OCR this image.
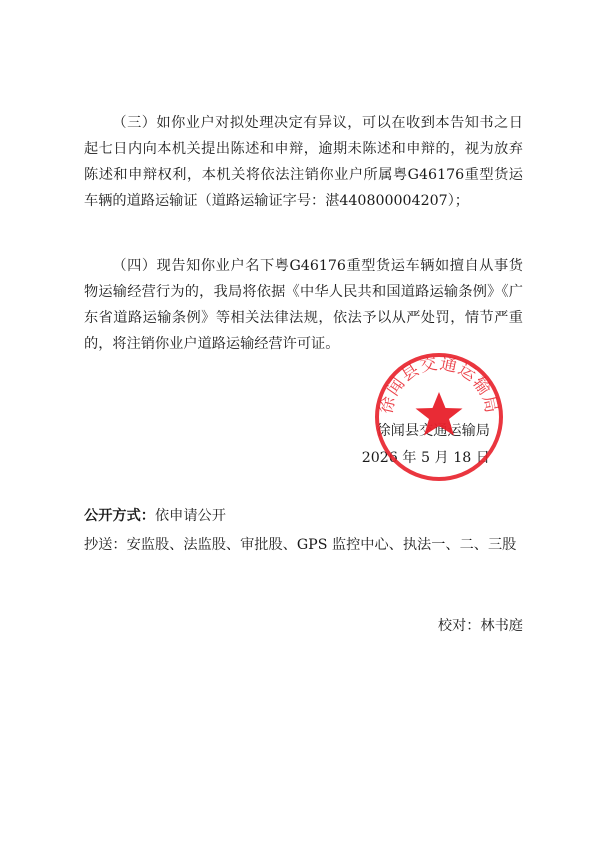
（三）如你业户对拟处理决定有异议，可以在收到本告知书之日起七日内向本机关提出陈述和申辩，逾期未陈述和申辩的，视为放弃陈述和申辩权利，本机关将依法注销你业户所属粤G46176重型货运车辆的道路运输证（道路运输证字号：湛440800004207）；

（四）现告知你业户名下粤G46176重型货运车辆如擅自从事货物运输经营行为的，我局将依据《中华人民共和国道路运输条例》《广东省道路运输条例》等相关法律法规，依法予以从严处罚，情节严重的，将注销你业户道路运输经营许可证。

徐闻县交通运输局
2026 年 5 月 18 日
徐闻县交通运输局
公开方式：依申请公开

抄送：安监股、法监股、审批股、GPS 监控中心、执法一、二、三股

校对：林书庭
